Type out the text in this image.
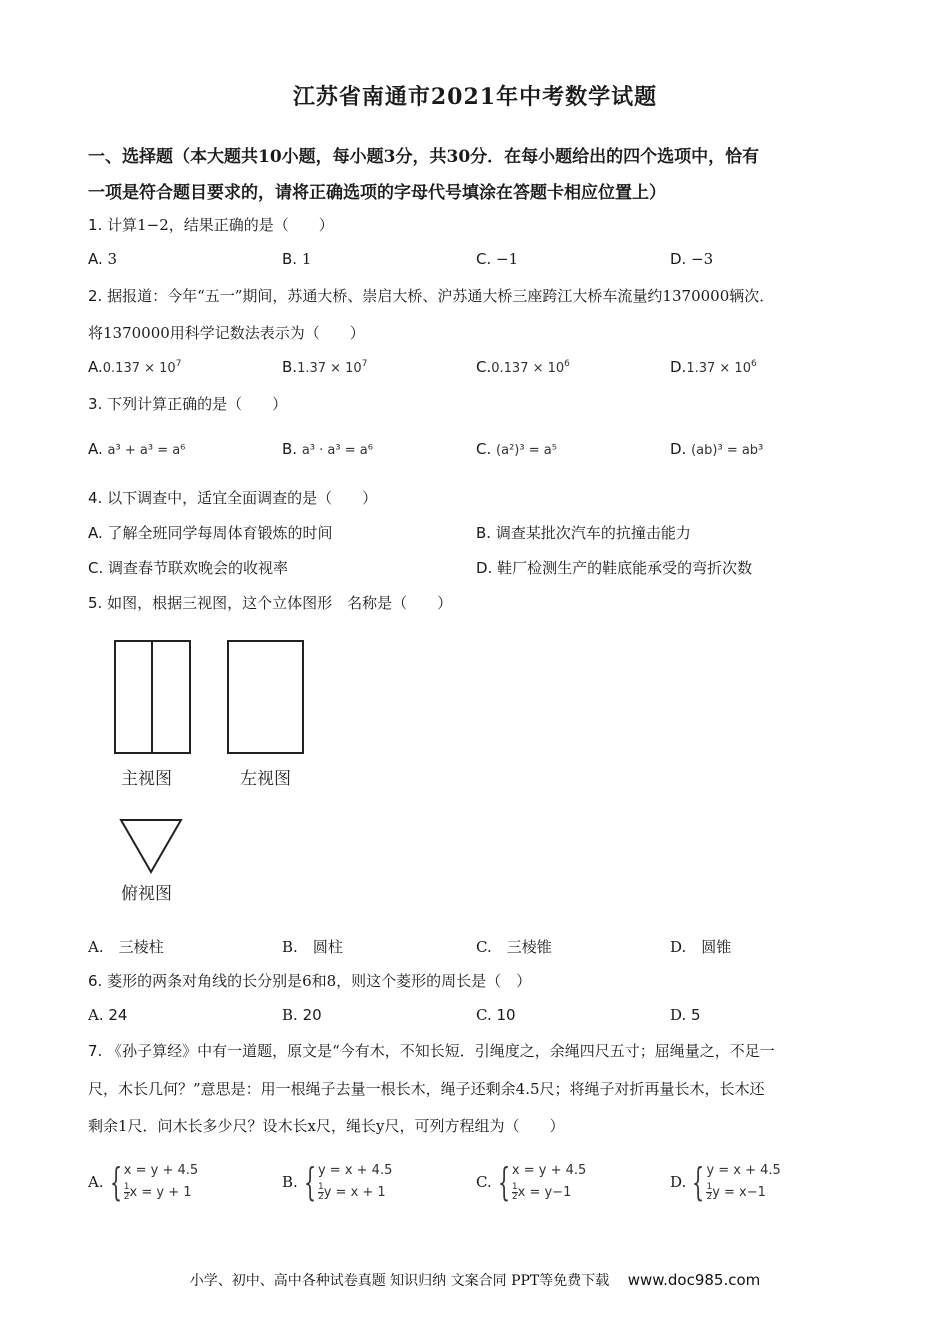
江苏省南通市2021年中考数学试题
一、选择题（本大题共10小题，每小题3分，共30分．在每小题给出的四个选项中，恰有
一项是符合题目要求的，请将正确选项的字母代号填涂在答题卡相应位置上）
1. 计算1−2，结果正确的是（　　）
A. 3	B. 1	C. −1	D. −3
2. 据报道：今年“五一”期间，苏通大桥、崇启大桥、沪苏通大桥三座跨江大桥车流量约1370000辆次．
将1370000用科学记数法表示为（　　）
$A.0.137 \times 10^7$	$B.1.37 \times 10^7$	$C.0.137 \times 10^6$	$D.1.37 \times 10^6$
3. 下列计算正确的是（　　）
A. a³ + a³ = a⁶	B. a³ · a³ = a⁶	C. (a²)³ = a⁵	D. (ab)³ = ab³
4. 以下调查中，适宜全面调查的是（　　）
A. 了解全班同学每周体育锻炼的时间	B. 调查某批次汽车的抗撞击能力
C. 调查春节联欢晚会的收视率	D. 鞋厂检测生产的鞋底能承受的弯折次数
5. 如图，根据三视图，这个立体图形　名称是（　　）
主视图	左视图
俯视图
A.　 三棱柱	B.　 圆柱	C.　 三棱锥	D.　 圆锥
6. 菱形的两条对角线的长分别是6和8，则这个菱形的周长是（　）
A. 24	B. 20	C. 10	D. 5
7. 《孙子算经》中有一道题，原文是“今有木，不知长短．引绳度之，余绳四尺五寸；屈绳量之，不足一
尺，木长几何？”意思是：用一根绳子去量一根长木，绳子还剩余4.5尺；将绳子对折再量长木，长木还
剩余1尺．问木长多少尺？设木长x尺，绳长y尺，可列方程组为（　　）
A. { x = y + 4.5
$\frac{1}{2}$ x = y + 1
B. { y = x + 4.5
$\frac{1}{2}$ y = x + 1
C. { x = y + 4.5
$\frac{1}{2}$ x = y−1
D. { y = x + 4.5
$\frac{1}{2}$ y = x−1
小学、初中、高中各种试卷真题 知识归纳 文案合同 PPT等免费下载 www.doc985.com
